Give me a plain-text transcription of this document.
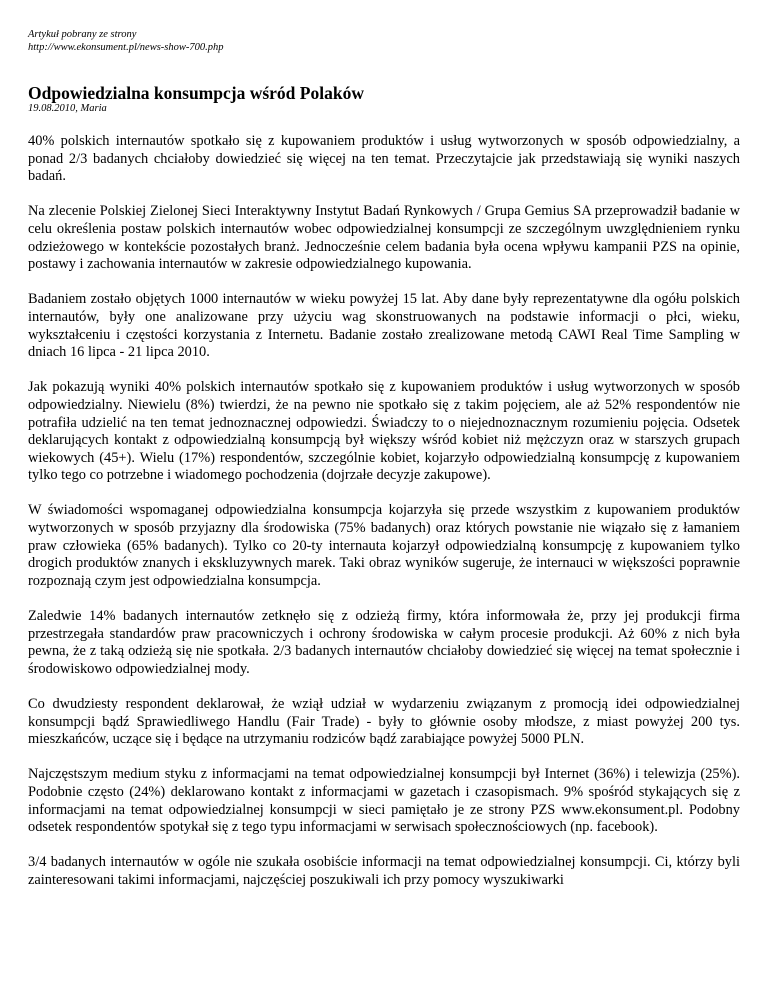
Artykuł pobrany ze strony
http://www.ekonsument.pl/news-show-700.php
Odpowiedzialna konsumpcja wśród Polaków
19.08.2010, Maria

40% polskich internautów spotkało się z kupowaniem produktów i usług wytworzonych w sposób odpowiedzialny, a ponad 2/3 badanych chciałoby dowiedzieć się więcej na ten temat. Przeczytajcie jak przedstawiają się wyniki naszych badań.

Na zlecenie Polskiej Zielonej Sieci Interaktywny Instytut Badań Rynkowych / Grupa Gemius SA przeprowadził badanie w celu określenia postaw polskich internautów wobec odpowiedzialnej konsumpcji ze szczególnym uwzględnieniem rynku odzieżowego w kontekście pozostałych branż. Jednocześnie celem badania była ocena wpływu kampanii PZS na opinie, postawy i zachowania internautów w zakresie odpowiedzialnego kupowania.

Badaniem zostało objętych 1000 internautów w wieku powyżej 15 lat. Aby dane były reprezentatywne dla ogółu polskich internautów, były one analizowane przy użyciu wag skonstruowanych na podstawie informacji o płci, wieku, wykształceniu i częstości korzystania z Internetu. Badanie zostało zrealizowane metodą CAWI Real Time Sampling w dniach 16 lipca - 21 lipca 2010.

Jak pokazują wyniki 40% polskich internautów spotkało się z kupowaniem produktów i usług wytworzonych w sposób odpowiedzialny. Niewielu (8%) twierdzi, że na pewno nie spotkało się z takim pojęciem, ale aż 52% respondentów nie potrafiła udzielić na ten temat jednoznacznej odpowiedzi. Świadczy to o niejednoznacznym rozumieniu pojęcia. Odsetek deklarujących kontakt z odpowiedzialną konsumpcją był większy wśród kobiet niż mężczyzn oraz w starszych grupach wiekowych (45+). Wielu (17%) respondentów, szczególnie kobiet, kojarzyło odpowiedzialną konsumpcję z kupowaniem tylko tego co potrzebne i wiadomego pochodzenia (dojrzałe decyzje zakupowe).

W świadomości wspomaganej odpowiedzialna konsumpcja kojarzyła się przede wszystkim z kupowaniem produktów wytworzonych w sposób przyjazny dla środowiska (75% badanych) oraz których powstanie nie wiązało się z łamaniem praw człowieka (65% badanych). Tylko co 20-ty internauta kojarzył odpowiedzialną konsumpcję z kupowaniem tylko drogich produktów znanych i ekskluzywnych marek. Taki obraz wyników sugeruje, że internauci w większości poprawnie rozpoznają czym jest odpowiedzialna konsumpcja.

Zaledwie 14% badanych internautów zetknęło się z odzieżą firmy, która informowała że, przy jej produkcji firma przestrzegała standardów praw pracowniczych i ochrony środowiska w całym procesie produkcji. Aż 60% z nich była pewna, że z taką odzieżą się nie spotkała. 2/3 badanych internautów chciałoby dowiedzieć się więcej na temat społecznie i środowiskowo odpowiedzialnej mody.

Co dwudziesty respondent deklarował, że wziął udział w wydarzeniu związanym z promocją idei odpowiedzialnej konsumpcji bądź Sprawiedliwego Handlu (Fair Trade) - były to głównie osoby młodsze, z miast powyżej 200 tys. mieszkańców, uczące się i będące na utrzymaniu rodziców bądź zarabiające powyżej 5000 PLN.

Najczęstszym medium styku z informacjami na temat odpowiedzialnej konsumpcji był Internet (36%) i telewizja (25%). Podobnie często (24%) deklarowano kontakt z informacjami w gazetach i czasopismach. 9% spośród stykających się z informacjami na temat odpowiedzialnej konsumpcji w sieci pamiętało je ze strony PZS www.ekonsument.pl. Podobny odsetek respondentów spotykał się z tego typu informacjami w serwisach społecznościowych (np. facebook).

3/4 badanych internautów w ogóle nie szukała osobiście informacji na temat odpowiedzialnej konsumpcji. Ci, którzy byli zainteresowani takimi informacjami, najczęściej poszukiwali ich przy pomocy wyszukiwarki
